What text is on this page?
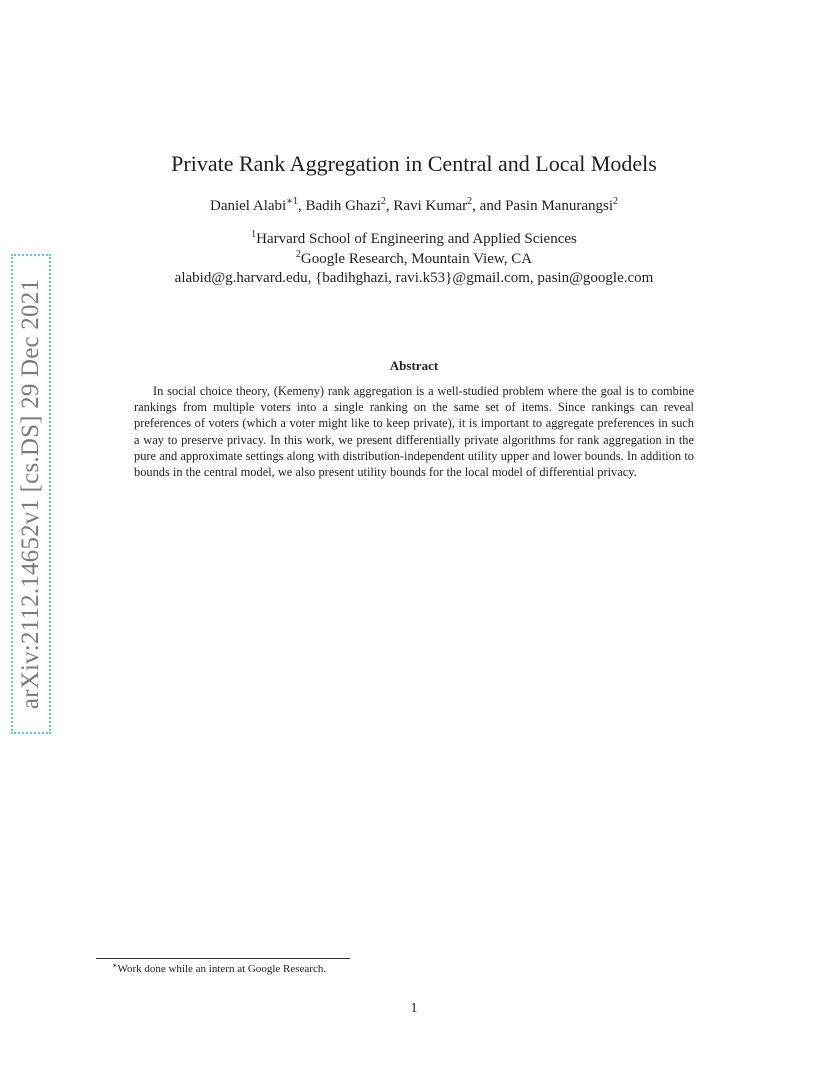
arXiv:2112.14652v1 [cs.DS] 29 Dec 2021
Private Rank Aggregation in Central and Local Models
Daniel Alabi$^{∗1}$, Badih Ghazi$^2$, Ravi Kumar$^2$, and Pasin Manurangsi$^2$
$^1$Harvard School of Engineering and Applied Sciences
$^2$Google Research, Mountain View, CA
alabid@g.harvard.edu, {badihghazi, ravi.k53}@gmail.com, pasin@google.com
Abstract
In social choice theory, (Kemeny) rank aggregation is a well-studied problem where the goal is to combine rankings from multiple voters into a single ranking on the same set of items. Since rankings can reveal preferences of voters (which a voter might like to keep private), it is important to aggregate preferences in such a way to preserve privacy. In this work, we present differentially private algorithms for rank aggregation in the pure and approximate settings along with distribution-independent utility upper and lower bounds. In addition to bounds in the central model, we also present utility bounds for the local model of differential privacy.
∗Work done while an intern at Google Research.
1
